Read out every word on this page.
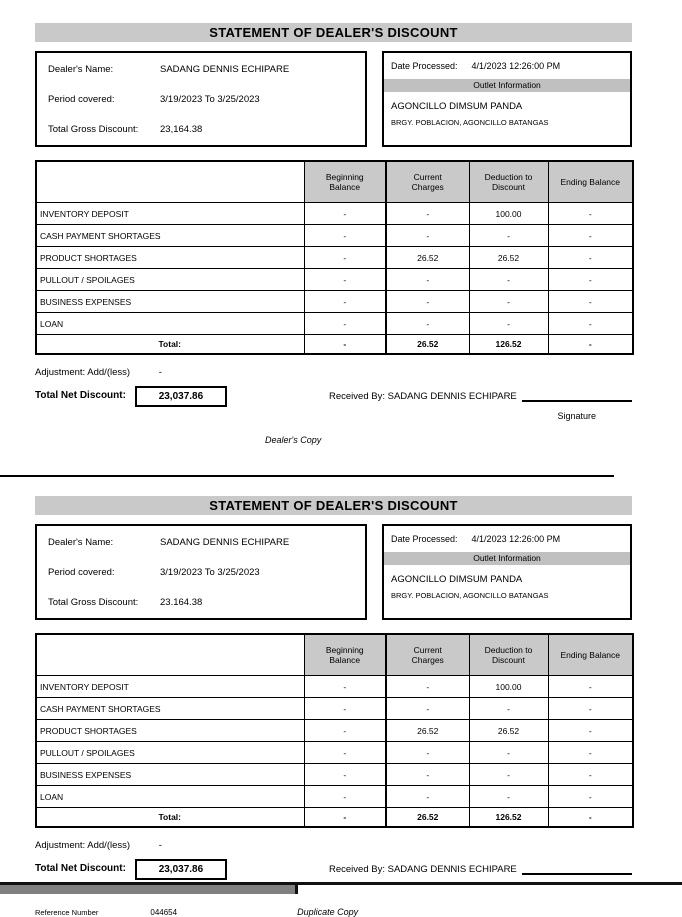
STATEMENT OF DEALER'S DISCOUNT
Dealer's Name:	SADANG DENNIS ECHIPARE
Period covered:	3/19/2023 To 3/25/2023
Total Gross Discount:	23,164.38
Date Processed: 4/1/2023 12:26:00 PM
Outlet Information
AGONCILLO DIMSUM PANDA
BRGY. POBLACION, AGONCILLO BATANGAS
	Beginning Balance	Current Charges	Deduction to Discount	Ending Balance
INVENTORY DEPOSIT	-	-	100.00	-
CASH PAYMENT SHORTAGES	-	-	-	-
PRODUCT SHORTAGES	-	26.52	26.52	-
PULLOUT / SPOILAGES	-	-	-	-
BUSINESS EXPENSES	-	-	-	-
LOAN	-	-	-	-
Total:	-	26.52	126.52	-
Adjustment: Add/(less)	-
Total Net Discount:	23,037.86	Received By: SADANG DENNIS ECHIPARE
Signature
Dealer's Copy
STATEMENT OF DEALER'S DISCOUNT
Dealer's Name:	SADANG DENNIS ECHIPARE
Period covered:	3/19/2023 To 3/25/2023
Total Gross Discount:	23.164.38
Date Processed: 4/1/2023 12:26:00 PM
Outlet Information
AGONCILLO DIMSUM PANDA
BRGY. POBLACION, AGONCILLO BATANGAS
	Beginning Balance	Current Charges	Deduction to Discount	Ending Balance
INVENTORY DEPOSIT	-	-	100.00	-
CASH PAYMENT SHORTAGES	-	-	-	-
PRODUCT SHORTAGES	-	26.52	26.52	-
PULLOUT / SPOILAGES	-	-	-	-
BUSINESS EXPENSES	-	-	-	-
LOAN	-	-	-	-
Total:	-	26.52	126.52	-
Adjustment: Add/(less)	-
Total Net Discount:	23,037.86	Received By: SADANG DENNIS ECHIPARE
Reference Number	044654	Duplicate Copy
